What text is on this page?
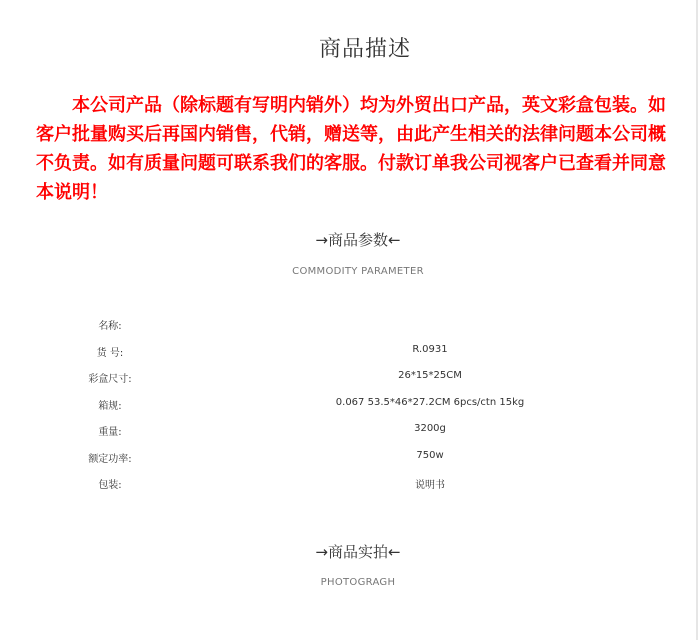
商品描述
本公司产品（除标题有写明内销外）均为外贸出口产品，英文彩盒包装。如客户批量购买后再国内销售，代销，赠送等，由此产生相关的法律问题本公司概不负责。如有质量问题可联系我们的客服。付款订单我公司视客户已查看并同意本说明！
→商品参数←
COMMODITY PARAMETER
名称:
货 号:	R.0931
彩盒尺寸:	26*15*25CM
箱规:	0.067 53.5*46*27.2CM 6pcs/ctn 15kg
重量:	3200g
额定功率:	750w
包装:	说明书
→商品实拍←
PHOTOGRAGH
